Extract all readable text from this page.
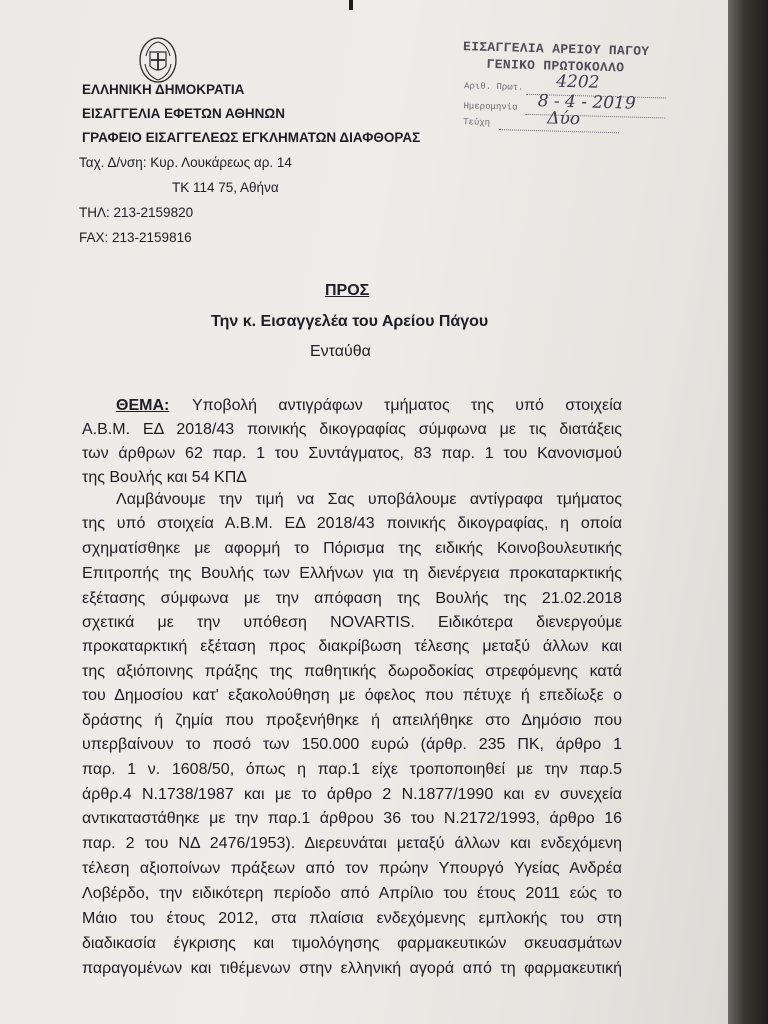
ΕΛΛΗΝΙΚΗ ΔΗΜΟΚΡΑΤΙΑ
ΕΙΣΑΓΓΕΛΙΑ ΕΦΕΤΩΝ ΑΘΗΝΩΝ
ΓΡΑΦΕΙΟ ΕΙΣΑΓΓΕΛΕΩΣ ΕΓΚΛΗΜΑΤΩΝ ΔΙΑΦΘΟΡΑΣ
Ταχ. Δ/νση: Κυρ. Λουκάρεως αρ. 14
ΤΚ 114 75, Αθήνα
ΤΗΛ: 213-2159820
FAX: 213-2159816
ΕΙΣΑΓΓΕΛΙΑ ΑΡΕΙΟΥ ΠΑΓΟΥ
ΓΕΝΙΚΟ ΠΡΩΤΟΚΟΛΛΟ
Αριθ. Πρωτ. 4202
Ημερομηνία 8 - 4 - 2019
Τεύχη	Δύο
ΠΡΟΣ
Την κ. Εισαγγελέα του Αρείου Πάγου
Ενταύθα
ΘΕΜΑ: Υποβολή αντιγράφων τμήματος της υπό στοιχεία
Α.Β.Μ. ΕΔ 2018/43 ποινικής δικογραφίας σύμφωνα με τις διατάξεις
των άρθρων 62 παρ. 1 του Συντάγματος, 83 παρ. 1 του Κανονισμού
της Βουλής και 54 ΚΠΔ
Λαμβάνουμε την τιμή να Σας υποβάλουμε αντίγραφα τμήματος
της υπό στοιχεία Α.Β.Μ. ΕΔ 2018/43 ποινικής δικογραφίας, η οποία
σχηματίσθηκε με αφορμή το Πόρισμα της ειδικής Κοινοβουλευτικής
Επιτροπής της Βουλής των Ελλήνων για τη διενέργεια προκαταρκτικής
εξέτασης σύμφωνα με την απόφαση της Βουλής της 21.02.2018
σχετικά με την υπόθεση NOVARTIS. Ειδικότερα διενεργούμε
προκαταρκτική εξέταση προς διακρίβωση τέλεσης μεταξύ άλλων και
της αξιόποινης πράξης της παθητικής δωροδοκίας στρεφόμενης κατά
του Δημοσίου κατ' εξακολούθηση με όφελος που πέτυχε ή επεδίωξε ο
δράστης ή ζημία που προξενήθηκε ή απειλήθηκε στο Δημόσιο που
υπερβαίνουν το ποσό των 150.000 ευρώ (άρθρ. 235 ΠΚ, άρθρο 1
παρ. 1 ν. 1608/50, όπως η παρ.1 είχε τροποποιηθεί με την παρ.5
άρθρ.4 Ν.1738/1987 και με το άρθρο 2 Ν.1877/1990 και εν συνεχεία
αντικαταστάθηκε με την παρ.1 άρθρου 36 του Ν.2172/1993, άρθρο 16
παρ. 2 του ΝΔ 2476/1953). Διερευνάται μεταξύ άλλων και ενδεχόμενη
τέλεση αξιοποίνων πράξεων από τον πρώην Υπουργό Υγείας Ανδρέα
Λοβέρδο, την ειδικότερη περίοδο από Απρίλιο του έτους 2011 εώς το
Μάιο του έτους 2012, στα πλαίσια ενδεχόμενης εμπλοκής του στη
διαδικασία έγκρισης και τιμολόγησης φαρμακευτικών σκευασμάτων
παραγομένων και τιθέμενων στην ελληνική αγορά από τη φαρμακευτική
